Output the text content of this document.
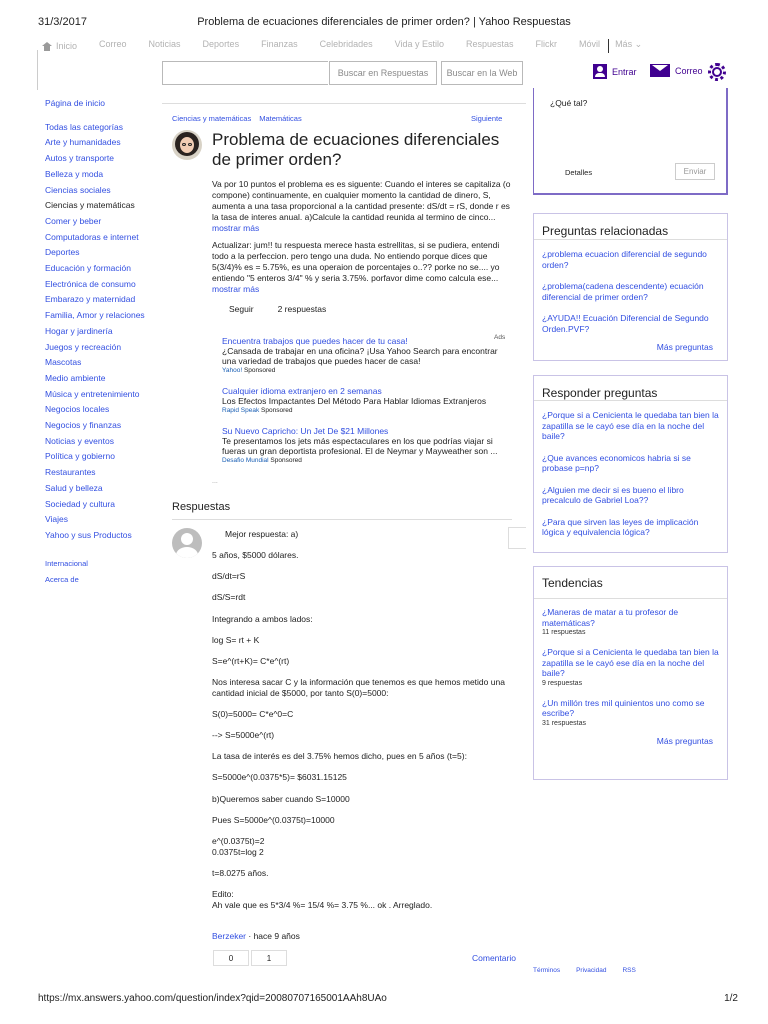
31/3/2017	Problema de ecuaciones diferenciales de primer orden? | Yahoo Respuestas
Inicio Correo Noticias Deportes Finanzas Celebridades Vida y Estilo Respuestas Flickr Móvil Más ⌄
Buscar en Respuestas	Buscar en la Web	Entrar	Correo
Página de inicio
Todas las categorías
Arte y humanidades
Autos y transporte
Belleza y moda
Ciencias sociales
Ciencias y matemáticas
Comer y beber
Computadoras e internet
Deportes
Educación y formación
Electrónica de consumo
Embarazo y maternidad
Familia, Amor y relaciones
Hogar y jardinería
Juegos y recreación
Mascotas
Medio ambiente
Música y entretenimiento
Negocios locales
Negocios y finanzas
Noticias y eventos
Política y gobierno
Restaurantes
Salud y belleza
Sociedad y cultura
Viajes
Yahoo y sus Productos
Internacional
Acerca de
Ciencias y matemáticas Matemáticas	Siguiente
Problema de ecuaciones diferenciales de primer orden?
Va por 10 puntos el problema es es siguente: Cuando el interes se capitaliza (o compone) continuamente, en cualquier momento la cantidad de dinero, S, aumenta a una tasa proporcional a la cantidad presente: dS/dt = rS, donde r es la tasa de interes anual. a)Calcule la cantidad reunida al termino de cinco...
mostrar más
Actualizar: jum!! tu respuesta merece hasta estrellitas, si se pudiera, entendi todo a la perfeccion. pero tengo una duda. No entiendo porque dices que 5(3/4)% es = 5.75%, es una operaion de porcentajes o..?? porke no se.... yo entiendo "5 enteros 3/4" % y seria 3.75%. porfavor dime como calcula ese... mostrar más
Seguir	2 respuestas
Ads
Encuentra trabajos que puedes hacer de tu casa!
¿Cansada de trabajar en una oficina? ¡Usa Yahoo Search para encontrar una variedad de trabajos que puedes hacer de casa!
Yahoo! Sponsored
Cualquier idioma extranjero en 2 semanas
Los Efectos Impactantes Del Método Para Hablar Idiomas Extranjeros
Rapid Speak Sponsored
Su Nuevo Capricho: Un Jet De $21 Millones
Te presentamos los jets más espectaculares en los que podrías viajar si fueras un gran deportista profesional. El de Neymar y Mayweather son ...
Desafio Mundial Sponsored
...
Respuestas
Mejor respuesta: a)
5 años, $5000 dólares.

dS/dt=rS

dS/S=rdt

Integrando a ambos lados:

log S= rt + K

S=e^(rt+K)= C*e^(rt)

Nos interesa sacar C y la información que tenemos es que hemos metido una cantidad inicial de $5000, por tanto S(0)=5000:

S(0)=5000= C*e^0=C

--> S=5000e^(rt)

La tasa de interés es del 3.75% hemos dicho, pues en 5 años (t=5):

S=5000e^(0.0375*5)= $6031.15125

b)Queremos saber cuando S=10000

Pues S=5000e^(0.0375t)=10000

e^(0.0375t)=2
0.0375t=log 2

t=8.0275 años.

Edito:
Ah vale que es 5*3/4 %= 15/4 %= 3.75 %... ok . Arreglado.
Berzeker · hace 9 años
0	1	Comentario
¿Qué tal?
Detalles	Enviar
Preguntas relacionadas
¿problema ecuacion diferencial de segundo orden?
¿problema(cadena descendente) ecuación diferencial de primer orden?
¿AYUDA!! Ecuación Diferencial de Segundo Orden.PVF?
Más preguntas
Responder preguntas
¿Porque si a Cenicienta le quedaba tan bien la zapatilla se le cayó ese día en la noche del baile?
¿Que avances economicos habria si se probase p=np?
¿Alguien me decir si es bueno el libro precalculo de Gabriel Loa??
¿Para que sirven las leyes de implicación lógica y equivalencia lógica?
Tendencias
¿Maneras de matar a tu profesor de matemáticas?
11 respuestas
¿Porque si a Cenicienta le quedaba tan bien la zapatilla se le cayó ese día en la noche del baile?
9 respuestas
¿Un millón tres mil quinientos uno como se escribe?
31 respuestas
Más preguntas
Términos Privacidad RSS
https://mx.answers.yahoo.com/question/index?qid=20080707165001AAh8UAo	1/2
